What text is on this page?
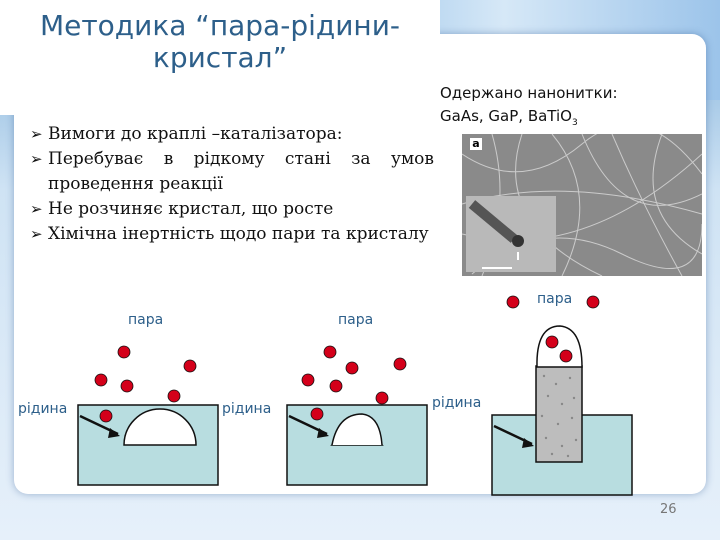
Методика “пара-рідини-кристал”
Одержано нанонитки:
GaAs, GaP, BaTiO$_3$
➢ Вимоги до краплі –каталізатора:
➢ Перебуває в рідкому стані за умов проведення реакції
➢ Не розчиняє кристал, що росте
➢ Хімічна інертність щодо пари та кристалу
a
пара	пара
пара
рідина	рідина	рідина
26
